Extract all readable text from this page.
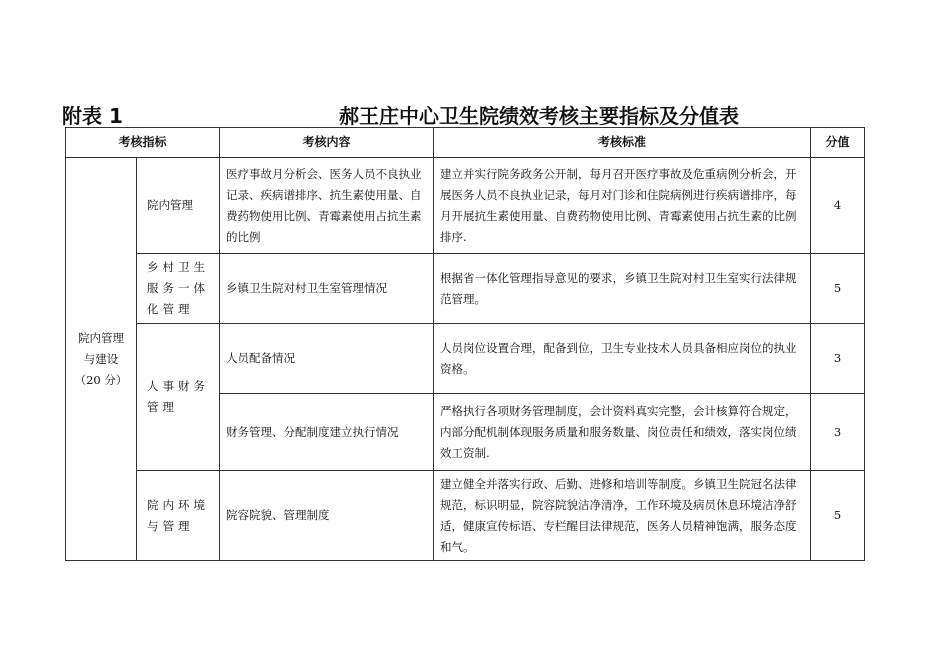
附表 1	郝王庄中心卫生院绩效考核主要指标及分值表
考核指标		考核内容	考核标准	分值

院内管理
与建设
（20 分）	院内管理	医疗事故月分析会、医务人员不良执业记录、疾病谱排序、抗生素使用量、自费药物使用比例、青霉素使用占抗生素的比例	建立并实行院务政务公开制，每月召开医疗事故及危重病例分析会，开展医务人员不良执业记录，每月对门诊和住院病例进行疾病谱排序，每月开展抗生素使用量、自费药物使用比例、青霉素使用占抗生素的比例排序.	4
	乡村卫生服务一体化管理	乡镇卫生院对村卫生室管理情况	根据省一体化管理指导意见的要求，乡镇卫生院对村卫生室实行法律规范管理。	5
	人事财务管理	人员配备情况	人员岗位设置合理，配备到位，卫生专业技术人员具备相应岗位的执业资格。	3
		财务管理、分配制度建立执行情况	严格执行各项财务管理制度，会计资料真实完整，会计核算符合规定，内部分配机制体现服务质量和服务数量、岗位责任和绩效，落实岗位绩效工资制.	3
	院内环境与管理	院容院貌、管理制度	建立健全并落实行政、后勤、进修和培训等制度。乡镇卫生院冠名法律规范，标识明显，院容院貌洁净清净，工作环境及病员休息环境洁净舒适，健康宣传标语、专栏醒目法律规范，医务人员精神饱满，服务态度和气。	5
